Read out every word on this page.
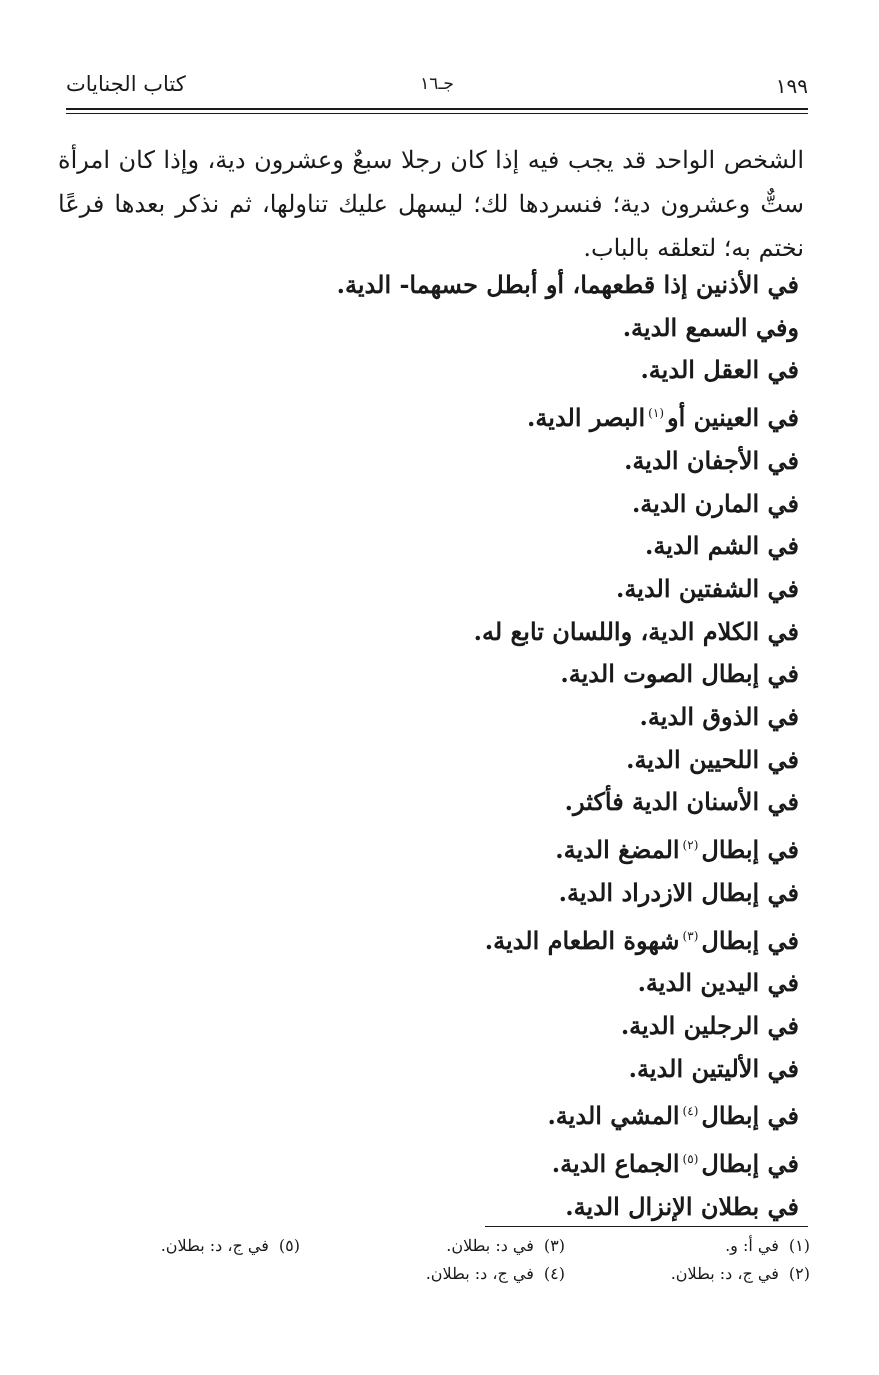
١٩٩
جـ١٦
كتاب الجنايات

الشخص الواحد قد يجب فيه إذا كان رجلا سبعٌ وعشرون دية، وإذا كان امرأة ستٌّ وعشرون دية؛ فنسردها لك؛ ليسهل عليك تناولها، ثم نذكر بعدها فرعًا نختم به؛ لتعلقه بالباب.

في الأذنين إذا قطعهما، أو أبطل حسهما- الدية.
وفي السمع الدية.
في العقل الدية.
في العينين أو$^{(١)}$البصر الدية.
في الأجفان الدية.
في المارن الدية.
في الشم الدية.
في الشفتين الدية.
في الكلام الدية، واللسان تابع له.
في إبطال الصوت الدية.
في الذوق الدية.
في اللحيين الدية.
في الأسنان الدية فأكثر.
في إبطال$^{(٢)}$المضغ الدية.
في إبطال الازدراد الدية.
في إبطال$^{(٣)}$شهوة الطعام الدية.
في اليدين الدية.
في الرجلين الدية.
في الأليتين الدية.
في إبطال$^{(٤)}$المشي الدية.
في إبطال$^{(٥)}$الجماع الدية.
في بطلان الإنزال الدية.
(١)في أ: و.
(٢)في ج، د: بطلان.
(٣)في د: بطلان.
(٤)في ج، د: بطلان.
(٥)في ج، د: بطلان.
